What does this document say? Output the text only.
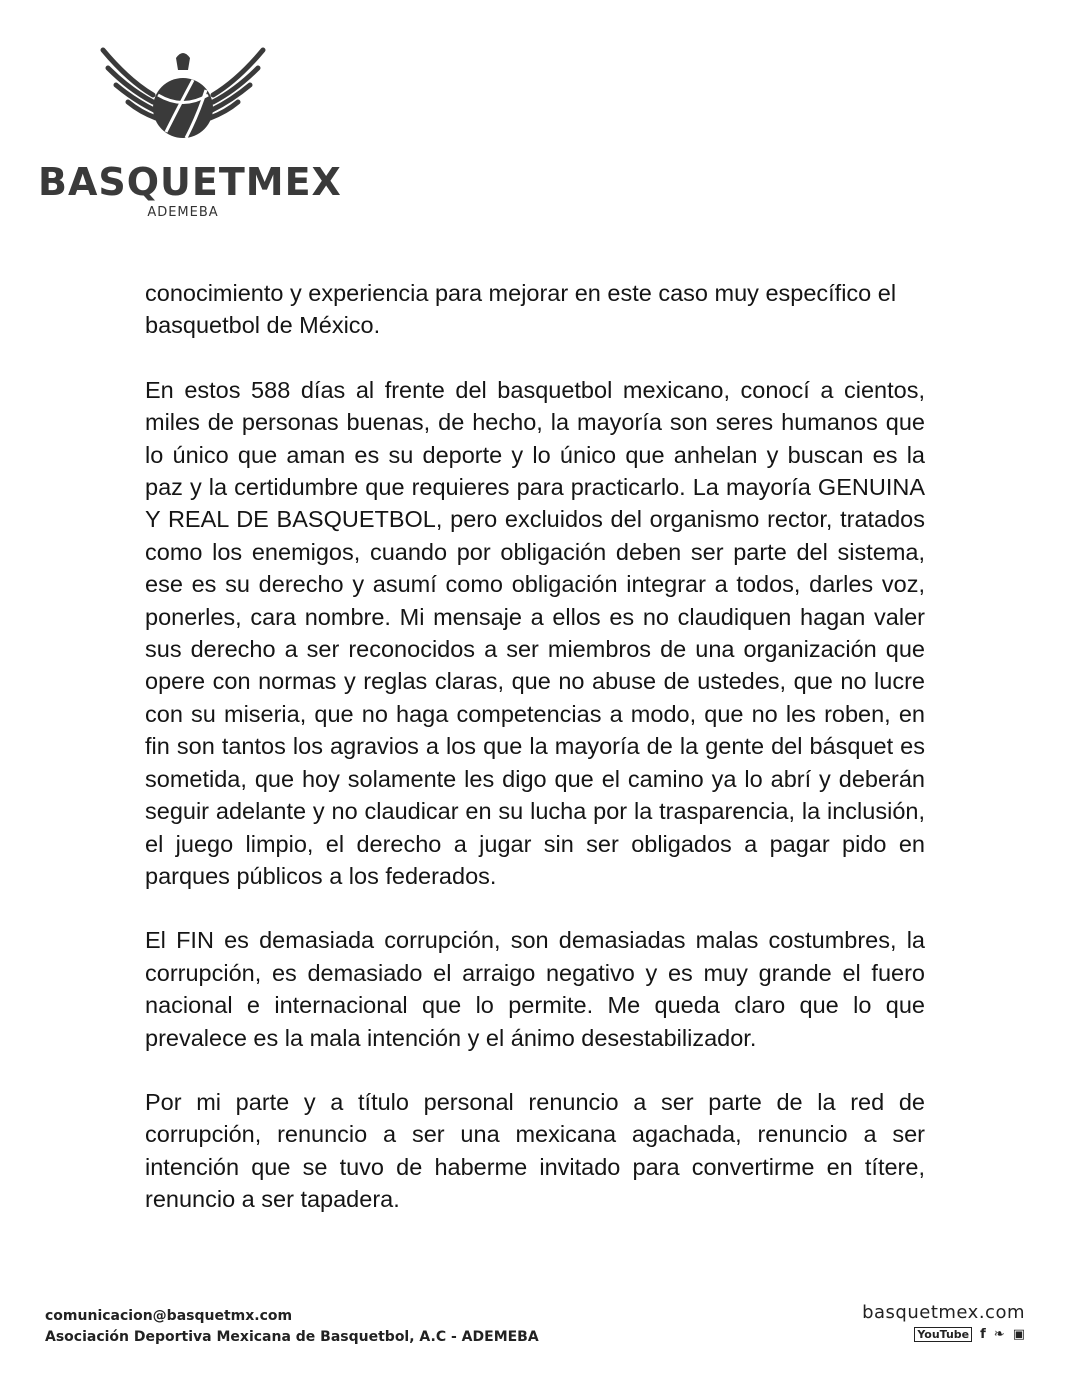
BASQUETMEX
ADEMEBA

conocimiento y experiencia para mejorar en este caso muy específico el basquetbol de México.

En estos 588 días al frente del basquetbol mexicano, conocí a cientos, miles de personas buenas, de hecho, la mayoría son seres humanos que lo único que aman es su deporte y lo único que anhelan y buscan es la paz y la certidumbre que requieres para practicarlo. La mayoría GENUINA Y REAL DE BASQUETBOL, pero excluidos del organismo rector, tratados como los enemigos, cuando por obligación deben ser parte del sistema, ese es su derecho y asumí como obligación integrar a todos, darles voz, ponerles, cara nombre. Mi mensaje a ellos es no claudiquen hagan valer sus derecho a ser reconocidos a ser miembros de una organización que opere con normas y reglas claras, que no abuse de ustedes, que no lucre con su miseria, que no haga competencias a modo, que no les roben, en fin son tantos los agravios a los que la mayoría de la gente del básquet es sometida, que hoy solamente les digo que el camino ya lo abrí y deberán seguir adelante y no claudicar en su lucha por la trasparencia, la inclusión, el juego limpio, el derecho a jugar sin ser obligados a pagar pido en parques públicos a los federados.

El FIN es demasiada corrupción, son demasiadas malas costumbres, la corrupción, es demasiado el arraigo negativo y es muy grande el fuero nacional e internacional que lo permite. Me queda claro que lo que prevalece es la mala intención y el ánimo desestabilizador.

Por mi parte y a título personal renuncio a ser parte de la red de corrupción, renuncio a ser una mexicana agachada, renuncio a ser intención que se tuvo de haberme invitado para convertirme en títere, renuncio a ser tapadera.

comunicacion@basquetmx.com
Asociación Deportiva Mexicana de Basquetbol, A.C - ADEMEBA
basquetmex.com
YouTube f ❧ ▣
